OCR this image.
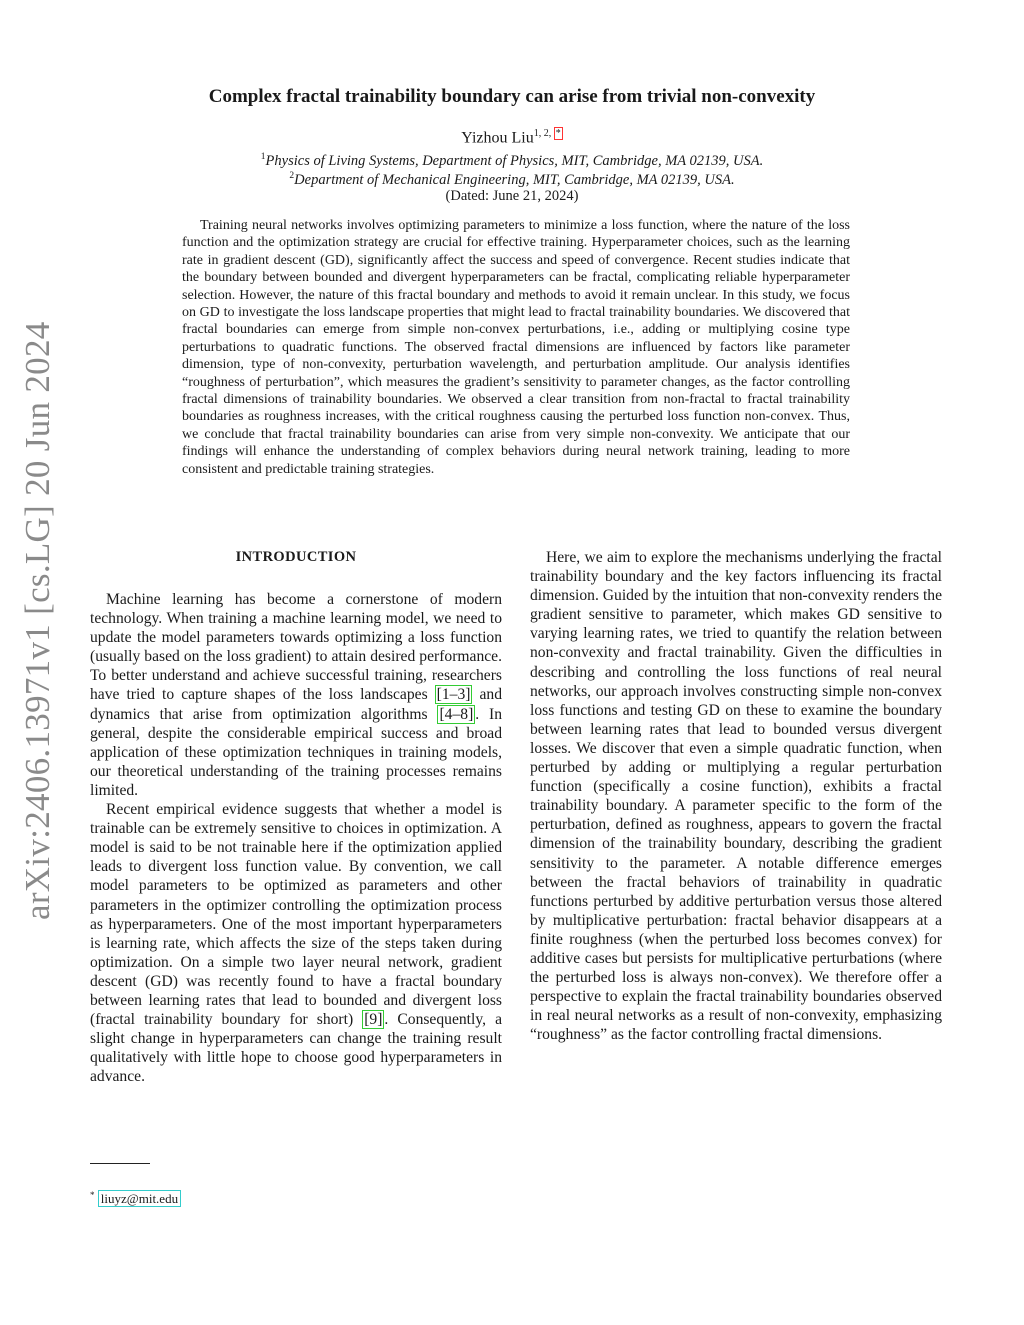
arXiv:2406.13971v1 [cs.LG] 20 Jun 2024
Complex fractal trainability boundary can arise from trivial non-convexity
Yizhou Liu$^{1, 2, *}$
$^1$Physics of Living Systems, Department of Physics, MIT, Cambridge, MA 02139, USA.
$^2$Department of Mechanical Engineering, MIT, Cambridge, MA 02139, USA.
(Dated: June 21, 2024)

Training neural networks involves optimizing parameters to minimize a loss function, where the nature of the loss function and the optimization strategy are crucial for effective training. Hyperparameter choices, such as the learning rate in gradient descent (GD), significantly affect the success and speed of convergence. Recent studies indicate that the boundary between bounded and divergent hyperparameters can be fractal, complicating reliable hyperparameter selection. However, the nature of this fractal boundary and methods to avoid it remain unclear. In this study, we focus on GD to investigate the loss landscape properties that might lead to fractal trainability boundaries. We discovered that fractal boundaries can emerge from simple non-convex perturbations, i.e., adding or multiplying cosine type perturbations to quadratic functions. The observed fractal dimensions are influenced by factors like parameter dimension, type of non-convexity, perturbation wavelength, and perturbation amplitude. Our analysis identifies “roughness of perturbation”, which measures the gradient’s sensitivity to parameter changes, as the factor controlling fractal dimensions of trainability boundaries. We observed a clear transition from non-fractal to fractal trainability boundaries as roughness increases, with the critical roughness causing the perturbed loss function non-convex. Thus, we conclude that fractal trainability boundaries can arise from very simple non-convexity. We anticipate that our findings will enhance the understanding of complex behaviors during neural network training, leading to more consistent and predictable training strategies.

INTRODUCTION

Machine learning has become a cornerstone of modern technology. When training a machine learning model, we need to update the model parameters towards optimizing a loss function (usually based on the loss gradient) to attain desired performance. To better understand and achieve successful training, researchers have tried to capture shapes of the loss landscapes [1–3] and dynamics that arise from optimization algorithms [4–8] . In general, despite the considerable empirical success and broad application of these optimization techniques in training models, our theoretical understanding of the training processes remains limited.

Recent empirical evidence suggests that whether a model is trainable can be extremely sensitive to choices in optimization. A model is said to be not trainable here if the optimization applied leads to divergent loss function value. By convention, we call model parameters to be optimized as parameters and other parameters in the optimizer controlling the optimization process as hyperparameters. One of the most important hyperparameters is learning rate, which affects the size of the steps taken during optimization. On a simple two layer neural network, gradient descent (GD) was recently found to have a fractal boundary between learning rates that lead to bounded and divergent loss (fractal trainability boundary for short) [9] . Consequently, a slight change in hyperparameters can change the training result qualitatively with little hope to choose good hyperparameters in advance.

Here, we aim to explore the mechanisms underlying the fractal trainability boundary and the key factors influencing its fractal dimension. Guided by the intuition that non-convexity renders the gradient sensitive to parameter, which makes GD sensitive to varying learning rates, we tried to quantify the relation between non-convexity and fractal trainability. Given the difficulties in describing and controlling the loss functions of real neural networks, our approach involves constructing simple non-convex loss functions and testing GD on these to examine the boundary between learning rates that lead to bounded versus divergent losses. We discover that even a simple quadratic function, when perturbed by adding or multiplying a regular perturbation function (specifically a cosine function), exhibits a fractal trainability boundary. A parameter specific to the form of the perturbation, defined as roughness, appears to govern the fractal dimension of the trainability boundary, describing the gradient sensitivity to the parameter. A notable difference emerges between the fractal behaviors of trainability in quadratic functions perturbed by additive perturbation versus those altered by multiplicative perturbation: fractal behavior disappears at a finite roughness (when the perturbed loss becomes convex) for additive cases but persists for multiplicative perturbations (where the perturbed loss is always non-convex). We therefore offer a perspective to explain the fractal trainability boundaries observed in real neural networks as a result of non-convexity, emphasizing “roughness” as the factor controlling fractal dimensions.

* liuyz@mit.edu
